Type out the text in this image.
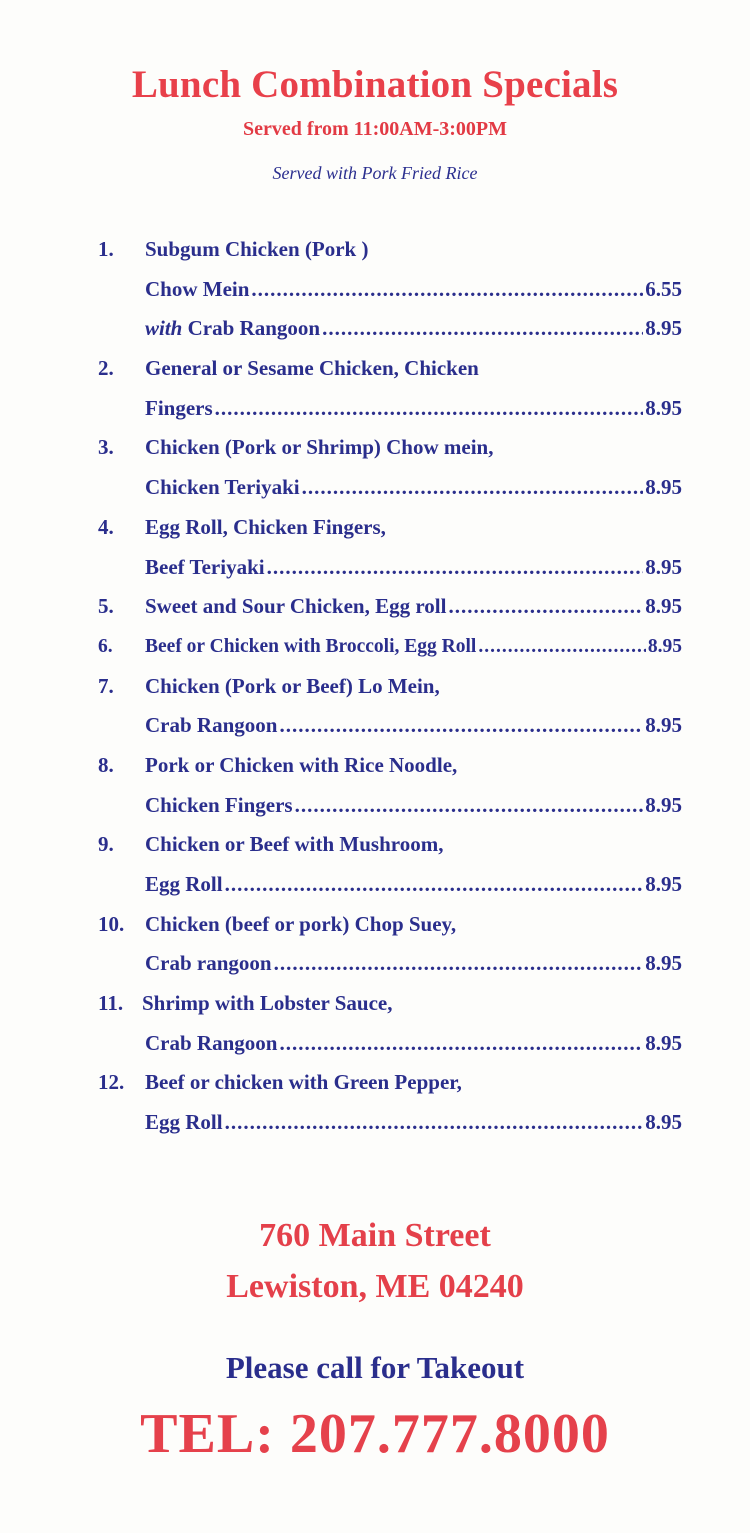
Lunch Combination Specials

Served from 11:00AM-3:00PM

Served with Pork Fried Rice

1.	Subgum Chicken (Pork )
Chow Mein .....	6.55
with Crab Rangoon .....	8.95
2.	General or Sesame Chicken, Chicken
Fingers .....	8.95
3.	Chicken (Pork or Shrimp) Chow mein,
Chicken Teriyaki .....	8.95
4.	Egg Roll, Chicken Fingers,
Beef Teriyaki .....	8.95
5.	Sweet and Sour Chicken, Egg roll .....	8.95
6.	Beef or Chicken with Broccoli, Egg Roll .....	8.95
7.	Chicken (Pork or Beef) Lo Mein,
Crab Rangoon .....	8.95
8.	Pork or Chicken with Rice Noodle,
Chicken Fingers .....	8.95
9.	Chicken or Beef with Mushroom,
Egg Roll .....	8.95
10. Chicken (beef or pork) Chop Suey,
Crab rangoon .....	8.95
11. Shrimp with Lobster Sauce,
Crab Rangoon .....	8.95
12. Beef or chicken with Green Pepper,
Egg Roll .....	8.95
760 Main Street
Lewiston, ME 04240

Please call for Takeout

TEL: 207.777.8000
